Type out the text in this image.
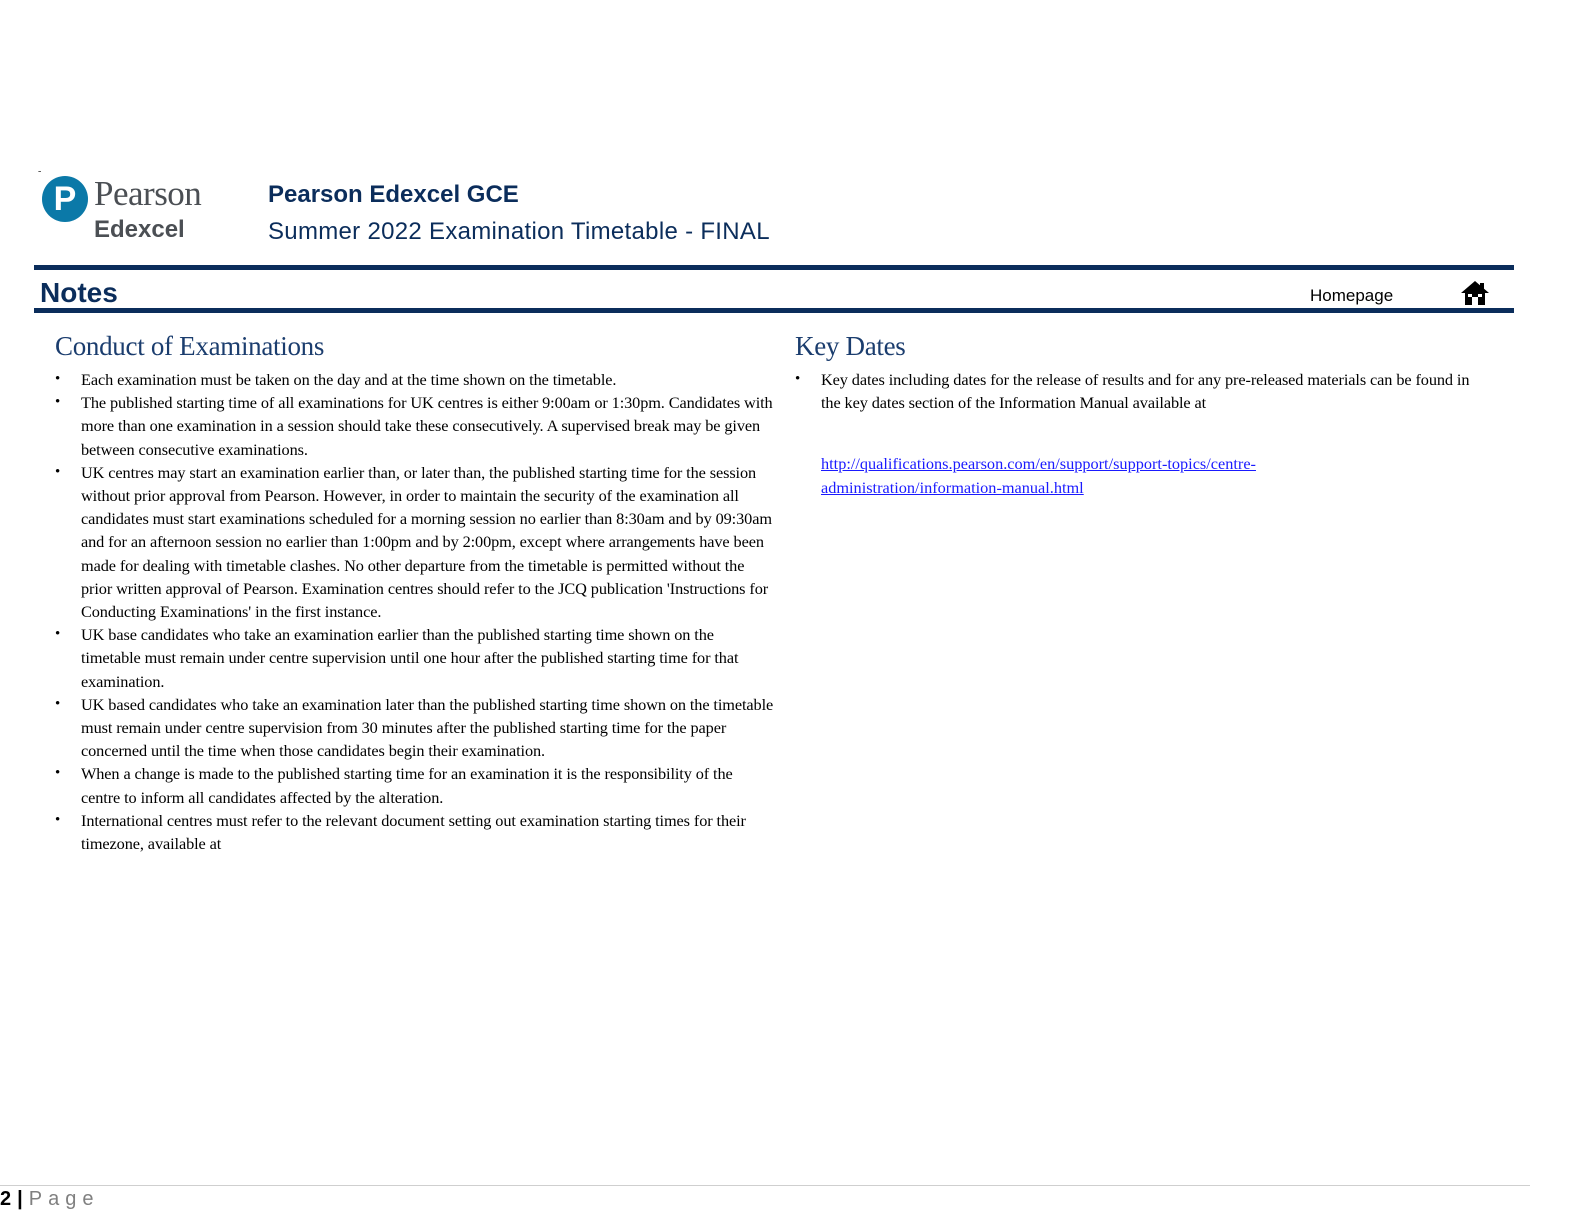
-
P Pearson
Edexcel
Pearson Edexcel GCE
Summer 2022 Examination Timetable - FINAL
Notes	Homepage
Conduct of Examinations
• Each examination must be taken on the day and at the time shown on the timetable.
• The published starting time of all examinations for UK centres is either 9:00am or 1:30pm. Candidates with more than one examination in a session should take these consecutively. A supervised break may be given between consecutive examinations.
• UK centres may start an examination earlier than, or later than, the published starting time for the session without prior approval from Pearson. However, in order to maintain the security of the examination all candidates must start examinations scheduled for a morning session no earlier than 8:30am and by 09:30am and for an afternoon session no earlier than 1:00pm and by 2:00pm, except where arrangements have been made for dealing with timetable clashes. No other departure from the timetable is permitted without the prior written approval of Pearson. Examination centres should refer to the JCQ publication 'Instructions for Conducting Examinations' in the first instance.
• UK base candidates who take an examination earlier than the published starting time shown on the timetable must remain under centre supervision until one hour after the published starting time for that examination.
• UK based candidates who take an examination later than the published starting time shown on the timetable must remain under centre supervision from 30 minutes after the published starting time for the paper concerned until the time when those candidates begin their examination.
• When a change is made to the published starting time for an examination it is the responsibility of the centre to inform all candidates affected by the alteration.
• International centres must refer to the relevant document setting out examination starting times for their timezone, available at
Key Dates
• Key dates including dates for the release of results and for any pre-released materials can be found in the key dates section of the Information Manual available at
http://qualifications.pearson.com/en/support/support-topics/centre-administration/information-manual.html
2 | Page
